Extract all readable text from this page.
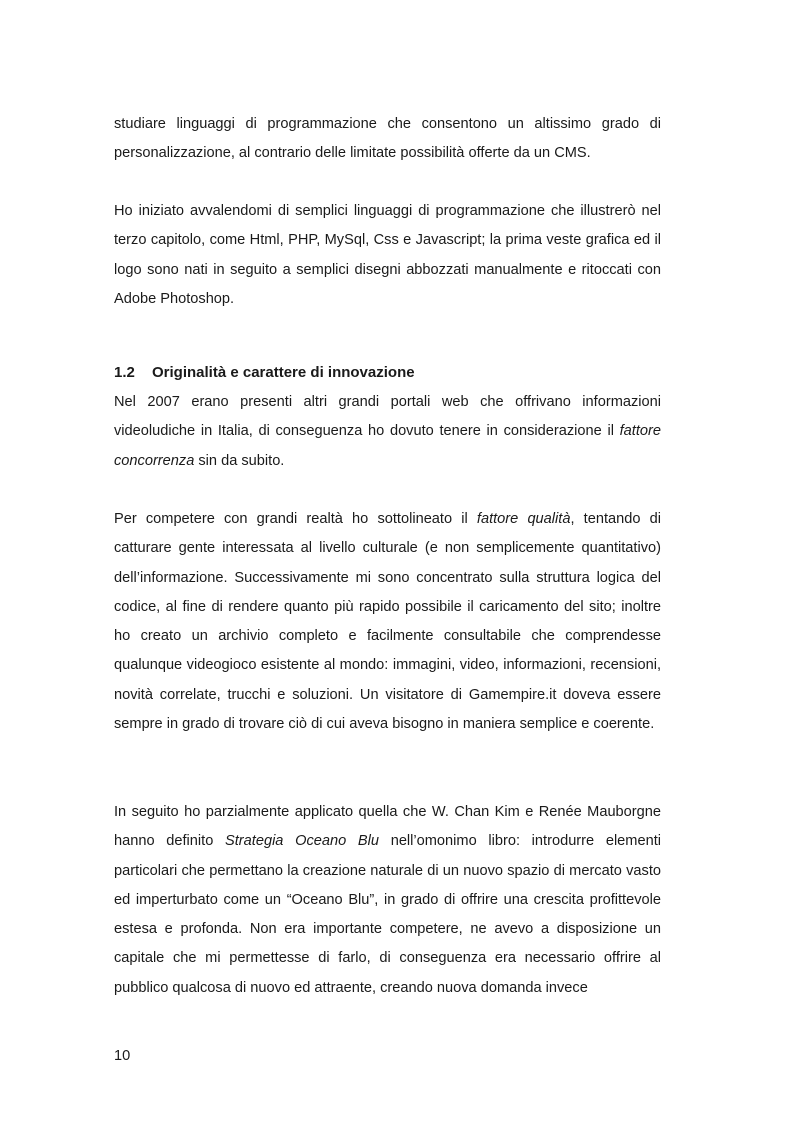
studiare linguaggi di programmazione che consentono un altissimo grado di
personalizzazione, al contrario delle limitate possibilità offerte da un CMS.

Ho iniziato avvalendomi di semplici linguaggi di programmazione che illustrerò nel terzo capitolo, come Html, PHP, MySql, Css e Javascript; la prima veste grafica ed il logo sono nati in seguito a semplici disegni abbozzati manualmente e ritoccati con Adobe Photoshop.

1.2 Originalità e carattere di innovazione

Nel 2007 erano presenti altri grandi portali web che offrivano informazioni videoludiche in Italia, di conseguenza ho dovuto tenere in considerazione il fattore concorrenza sin da subito.

Per competere con grandi realtà ho sottolineato il fattore qualità, tentando di catturare gente interessata al livello culturale (e non semplicemente quantitativo) dell’informazione. Successivamente mi sono concentrato sulla struttura logica del codice, al fine di rendere quanto più rapido possibile il caricamento del sito; inoltre ho creato un archivio completo e facilmente consultabile che comprendesse qualunque videogioco esistente al mondo: immagini, video, informazioni, recensioni, novità correlate, trucchi e soluzioni. Un visitatore di Gamempire.it doveva essere sempre in grado di trovare ciò di cui aveva bisogno in maniera semplice e coerente.

In seguito ho parzialmente applicato quella che W. Chan Kim e Renée Mauborgne hanno definito Strategia Oceano Blu nell’omonimo libro: introdurre elementi particolari che permettano la creazione naturale di un nuovo spazio di mercato vasto ed imperturbato come un “Oceano Blu”, in grado di offrire una crescita profittevole estesa e profonda. Non era importante competere, ne avevo a disposizione un capitale che mi permettesse di farlo, di conseguenza era necessario offrire al pubblico qualcosa di nuovo ed attraente, creando nuova domanda invece

10
